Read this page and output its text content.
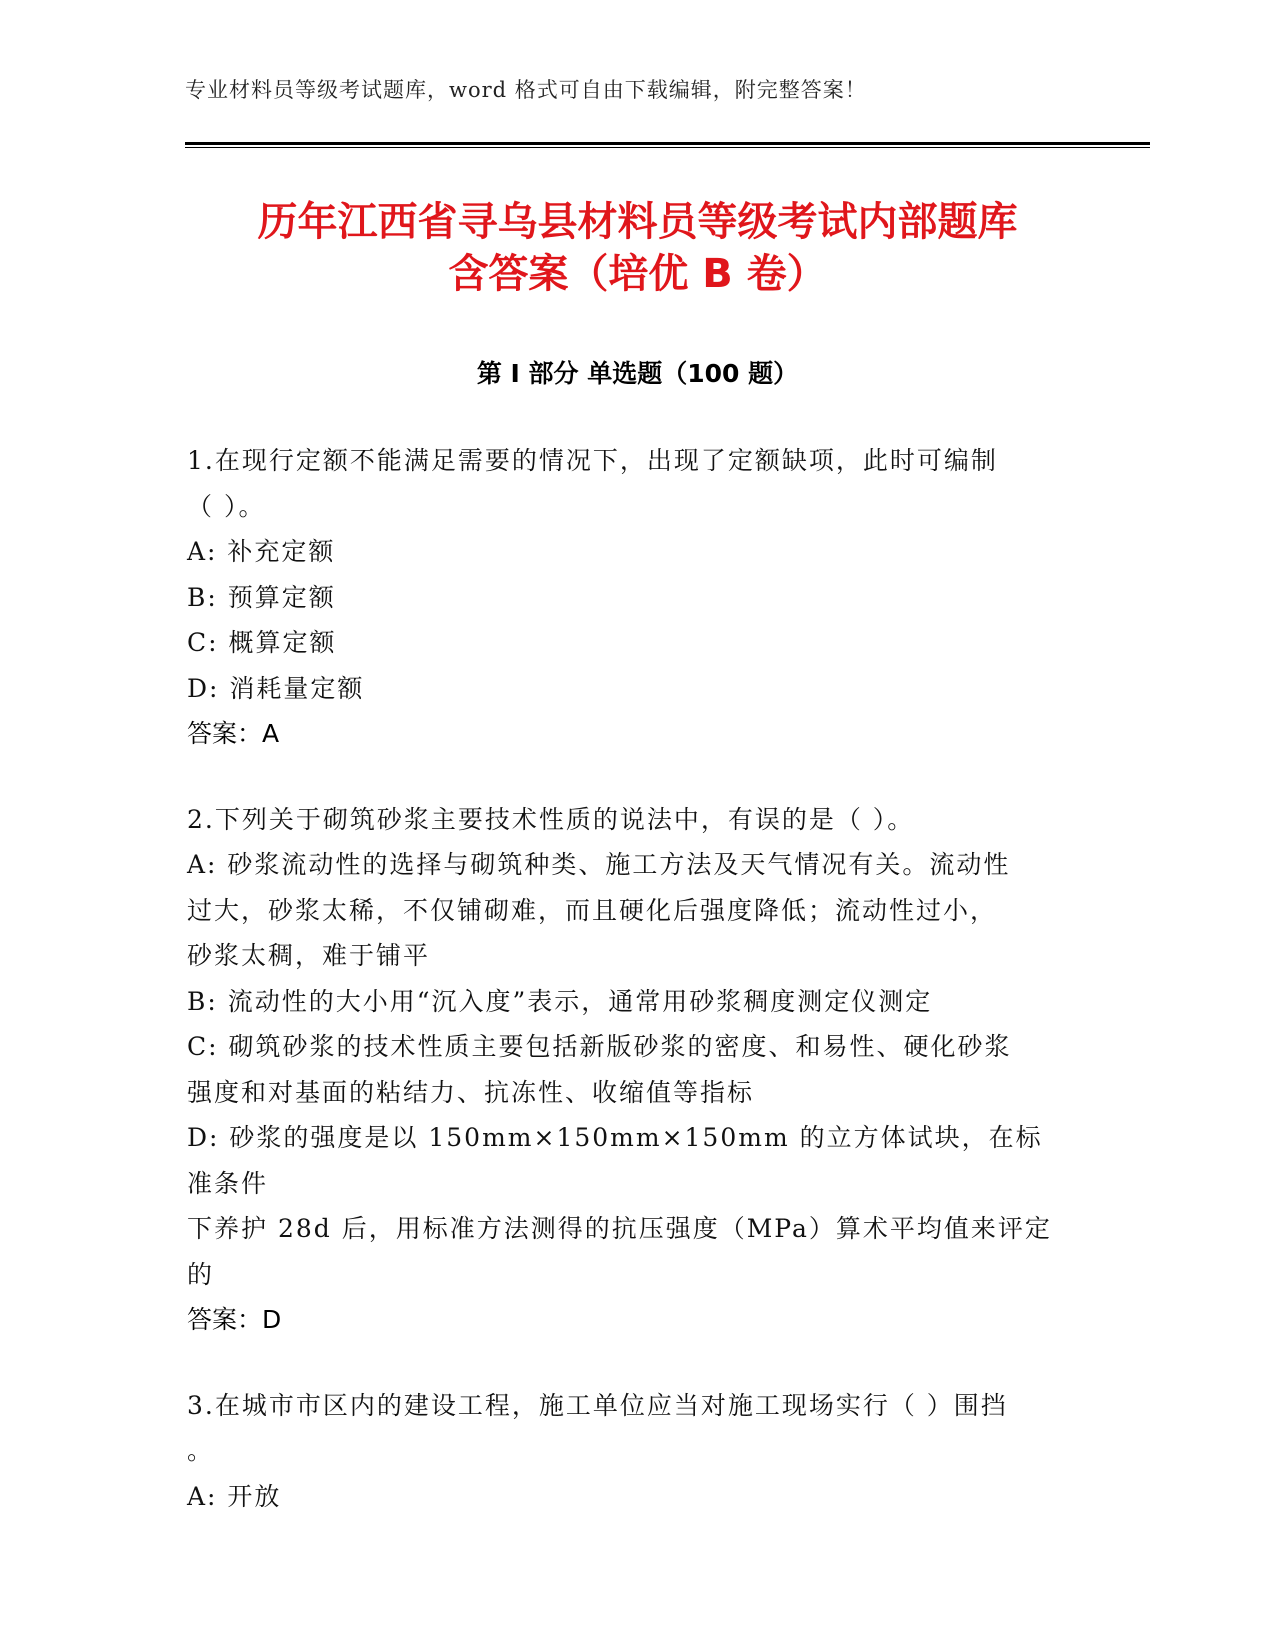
专业材料员等级考试题库，word 格式可自由下载编辑，附完整答案！
历年江西省寻乌县材料员等级考试内部题库
含答案（培优 B 卷）
第 I 部分 单选题（100 题）

1.在现行定额不能满足需要的情况下，出现了定额缺项，此时可编制

（ ）。

A: 补充定额

B: 预算定额

C: 概算定额

D: 消耗量定额

答案：A

2.下列关于砌筑砂浆主要技术性质的说法中，有误的是（ ）。

A: 砂浆流动性的选择与砌筑种类、施工方法及天气情况有关。流动性

过大，砂浆太稀，不仅铺砌难，而且硬化后强度降低；流动性过小，

砂浆太稠，难于铺平

B: 流动性的大小用“沉入度”表示，通常用砂浆稠度测定仪测定

C: 砌筑砂浆的技术性质主要包括新版砂浆的密度、和易性、硬化砂浆

强度和对基面的粘结力、抗冻性、收缩值等指标

D: 砂浆的强度是以 150mm×150mm×150mm 的立方体试块，在标准条件

下养护 28d 后，用标准方法测得的抗压强度（MPa）算术平均值来评定

的

答案：D

3.在城市市区内的建设工程，施工单位应当对施工现场实行（ ）围挡

。

A: 开放
